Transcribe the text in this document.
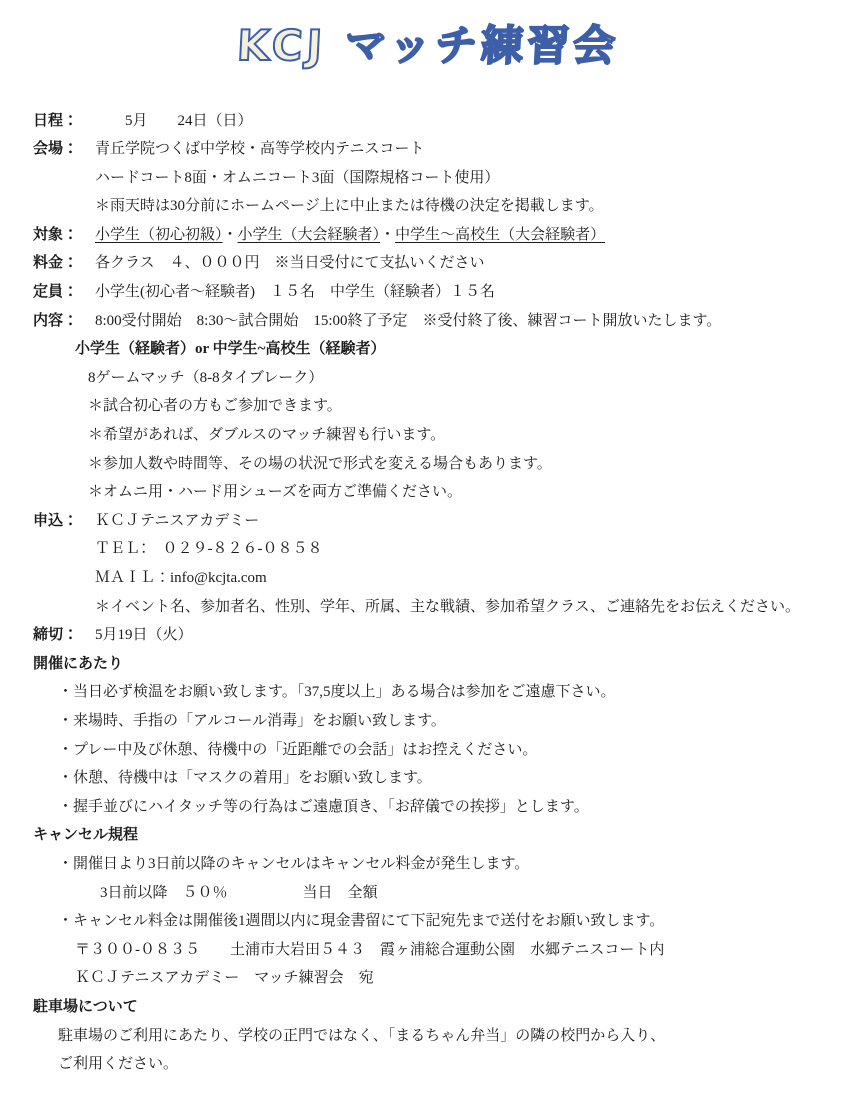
KCJ マッチ練習会
日程：　　5月　　24日（日）
会場： 青丘学院つくば中学校・高等学校内テニスコート
ハードコート8面・オムニコート3面（国際規格コート使用）
＊雨天時は30分前にホームページ上に中止または待機の決定を掲載します。
対象： 小学生（初心初級）・小学生（大会経験者）・中学生～高校生（大会経験者）
料金： 各クラス　４、０００円　※当日受付にて支払いください
定員： 小学生(初心者～経験者)　１５名　中学生（経験者）１５名
内容： 8:00受付開始　8:30～試合開始　15:00終了予定　※受付終了後、練習コート開放いたします。
小学生（経験者）or 中学生~高校生（経験者）
8ゲームマッチ（8-8タイブレーク）
＊試合初心者の方もご参加できます。
＊希望があれば、ダブルスのマッチ練習も行います。
＊参加人数や時間等、その場の状況で形式を変える場合もあります。
＊オムニ用・ハード用シューズを両方ご準備ください。
申込： ＫＣＪテニスアカデミー
ＴＥＬ：　０２９‐８２６‐０８５８
ＭＡＩＬ：info@kcjta.com
＊イベント名、参加者名、性別、学年、所属、主な戦績、参加希望クラス、ご連絡先をお伝えください。
締切： 5月19日（火）
開催にあたり
・当日必ず検温をお願い致します。「37,5度以上」ある場合は参加をご遠慮下さい。
・来場時、手指の「アルコール消毒」をお願い致します。
・プレー中及び休憩、待機中の「近距離での会話」はお控えください。
・休憩、待機中は「マスクの着用」をお願い致します。
・握手並びにハイタッチ等の行為はご遠慮頂き、「お辞儀での挨拶」とします。
キャンセル規程
・開催日より3日前以降のキャンセルはキャンセル料金が発生します。
3日前以降　５０％　　　　　当日　全額
・キャンセル料金は開催後1週間以内に現金書留にて下記宛先まで送付をお願い致します。
〒３００‐０８３５　　土浦市大岩田５４３　霞ヶ浦総合運動公園　水郷テニスコート内
ＫＣＪテニスアカデミー　マッチ練習会　宛
駐車場について
駐車場のご利用にあたり、学校の正門ではなく、「まるちゃん弁当」の隣の校門から入り、
ご利用ください。
